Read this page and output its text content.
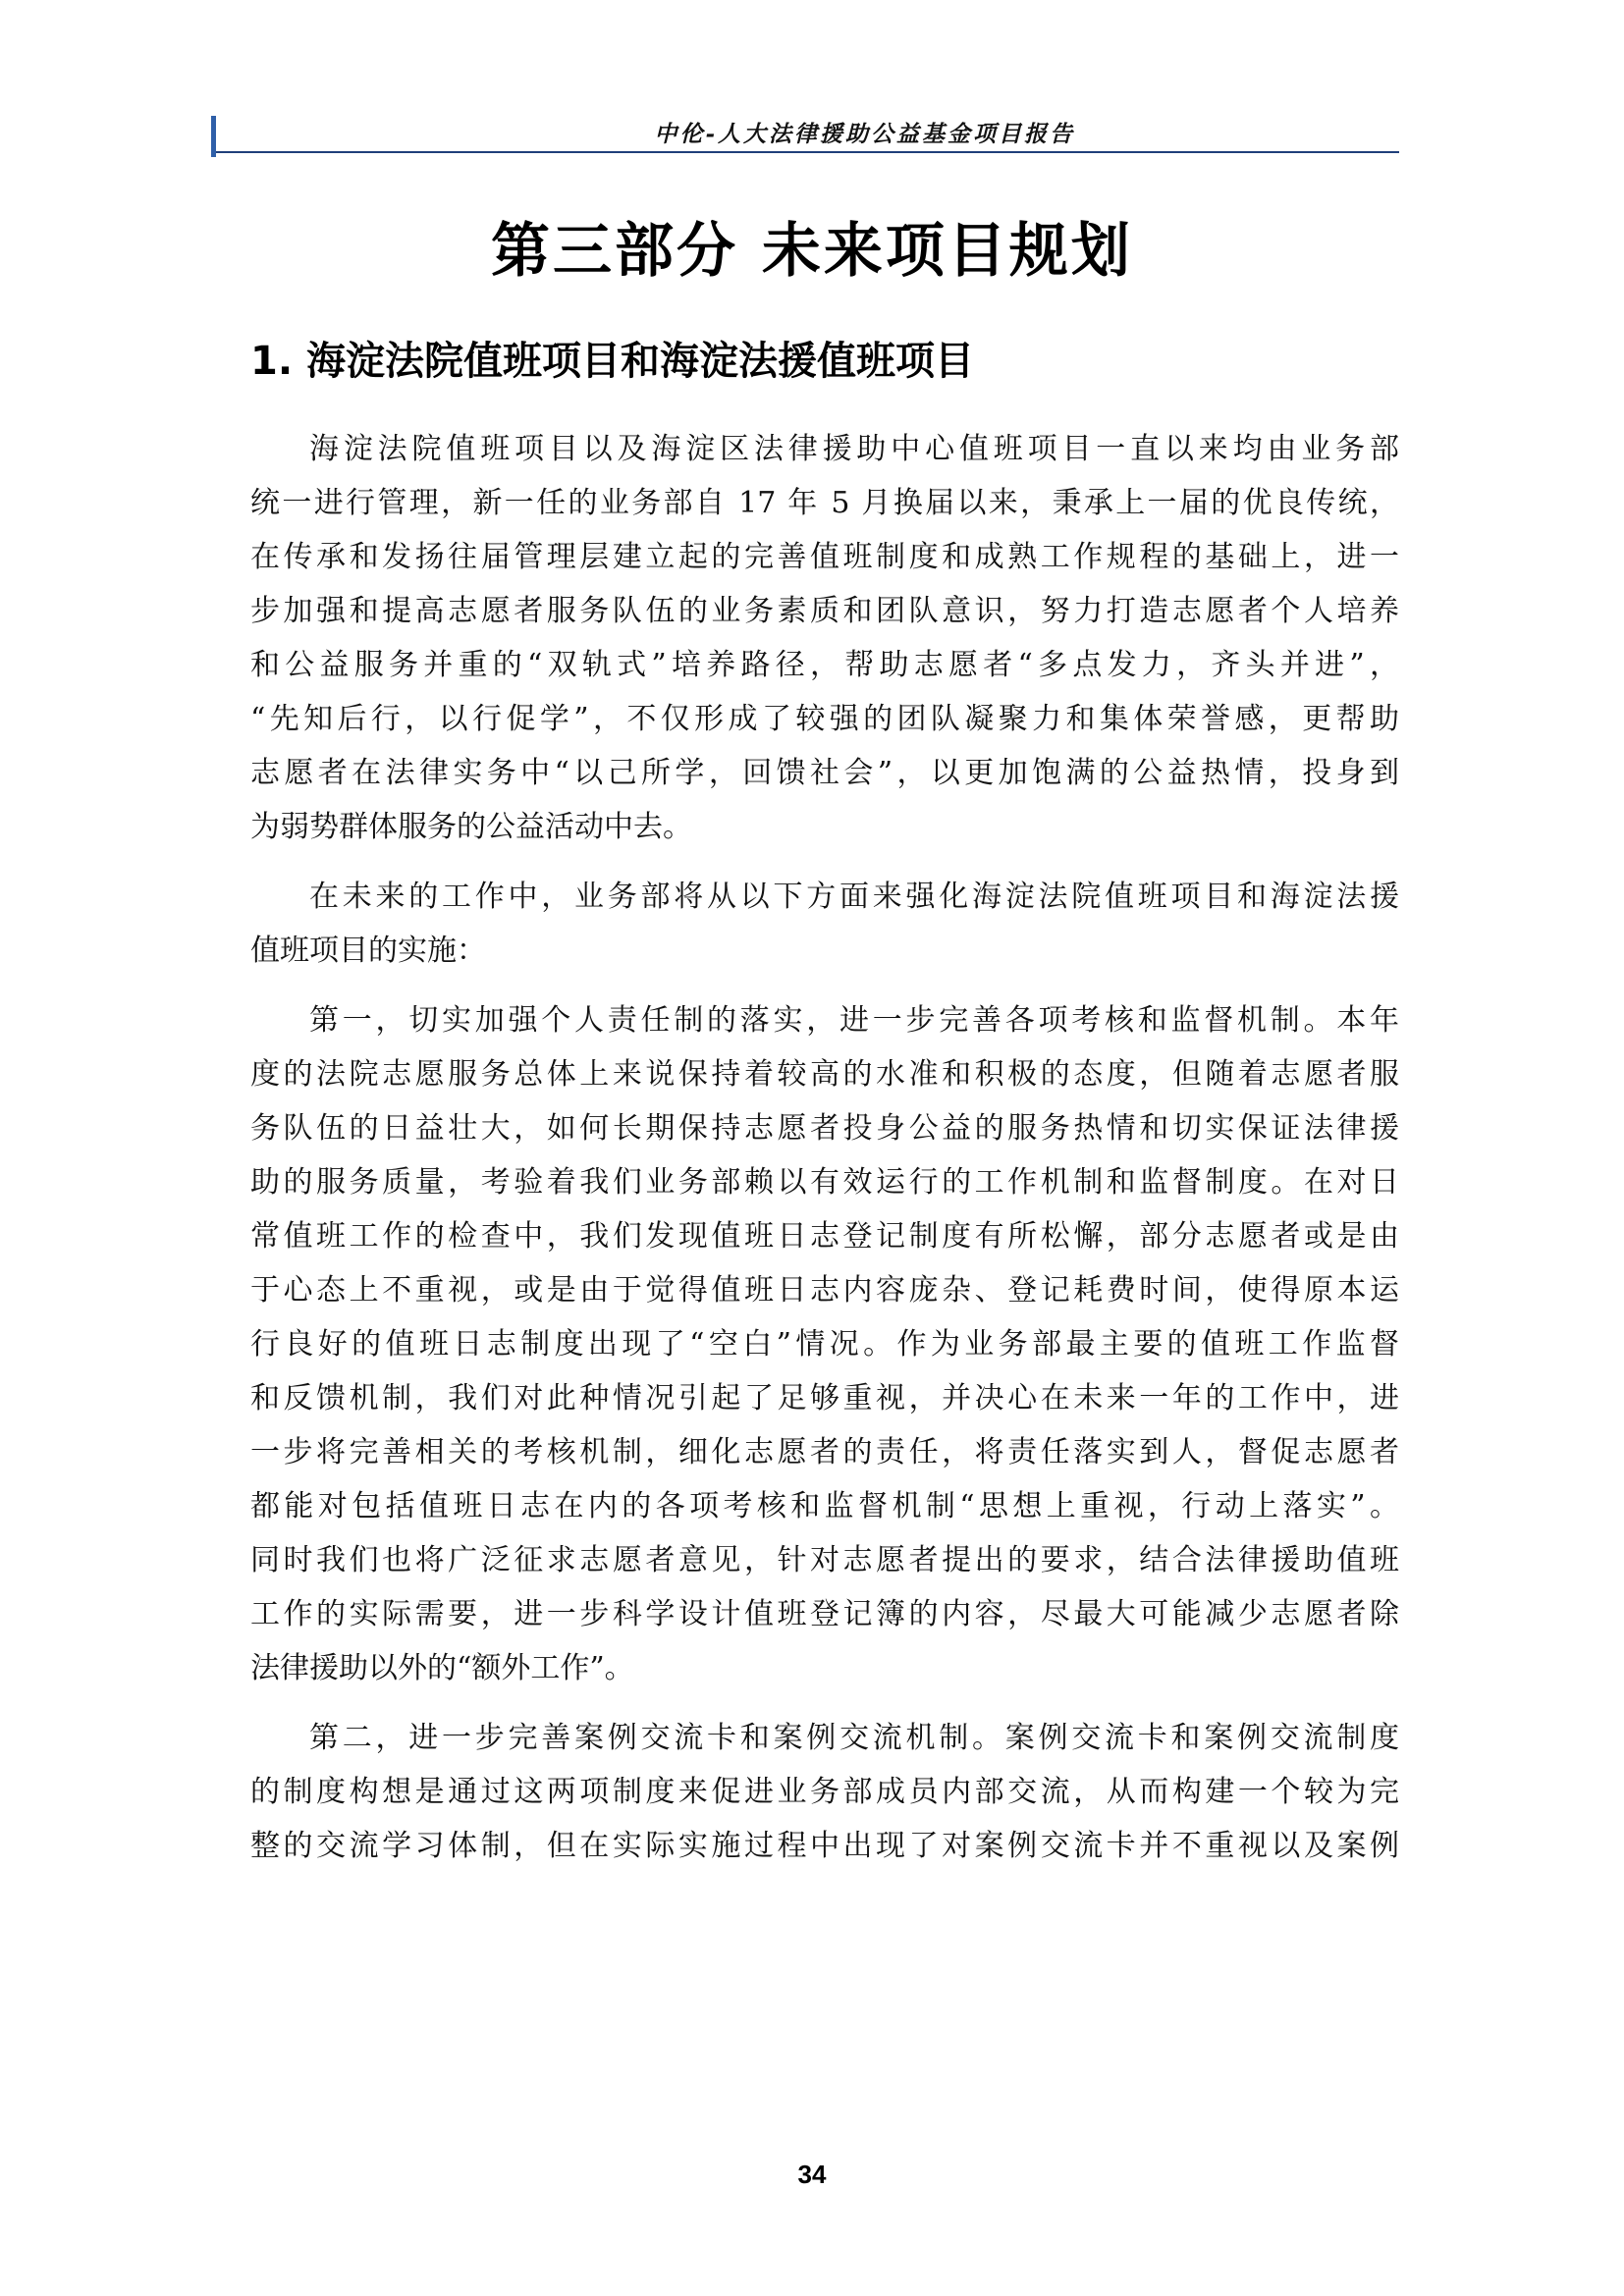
中伦-人大法律援助公益基金项目报告
第三部分 未来项目规划
1. 海淀法院值班项目和海淀法援值班项目
海淀法院值班项目以及海淀区法律援助中心值班项目一直以来均由业务部
统一进行管理，新一任的业务部自 17 年 5 月换届以来，秉承上一届的优良传统，
在传承和发扬往届管理层建立起的完善值班制度和成熟工作规程的基础上，进一
步加强和提高志愿者服务队伍的业务素质和团队意识，努力打造志愿者个人培养
和公益服务并重的“双轨式”培养路径，帮助志愿者“多点发力，齐头并进”，
“先知后行，以行促学”，不仅形成了较强的团队凝聚力和集体荣誉感，更帮助
志愿者在法律实务中“以己所学，回馈社会”，以更加饱满的公益热情，投身到
为弱势群体服务的公益活动中去。
在未来的工作中，业务部将从以下方面来强化海淀法院值班项目和海淀法援
值班项目的实施：
第一，切实加强个人责任制的落实，进一步完善各项考核和监督机制。本年
度的法院志愿服务总体上来说保持着较高的水准和积极的态度，但随着志愿者服
务队伍的日益壮大，如何长期保持志愿者投身公益的服务热情和切实保证法律援
助的服务质量，考验着我们业务部赖以有效运行的工作机制和监督制度。在对日
常值班工作的检查中，我们发现值班日志登记制度有所松懈，部分志愿者或是由
于心态上不重视，或是由于觉得值班日志内容庞杂、登记耗费时间，使得原本运
行良好的值班日志制度出现了“空白”情况。作为业务部最主要的值班工作监督
和反馈机制，我们对此种情况引起了足够重视，并决心在未来一年的工作中，进
一步将完善相关的考核机制，细化志愿者的责任，将责任落实到人，督促志愿者
都能对包括值班日志在内的各项考核和监督机制“思想上重视，行动上落实”。
同时我们也将广泛征求志愿者意见，针对志愿者提出的要求，结合法律援助值班
工作的实际需要，进一步科学设计值班登记簿的内容，尽最大可能减少志愿者除
法律援助以外的“额外工作”。
第二，进一步完善案例交流卡和案例交流机制。案例交流卡和案例交流制度
的制度构想是通过这两项制度来促进业务部成员内部交流，从而构建一个较为完
整的交流学习体制，但在实际实施过程中出现了对案例交流卡并不重视以及案例
34
